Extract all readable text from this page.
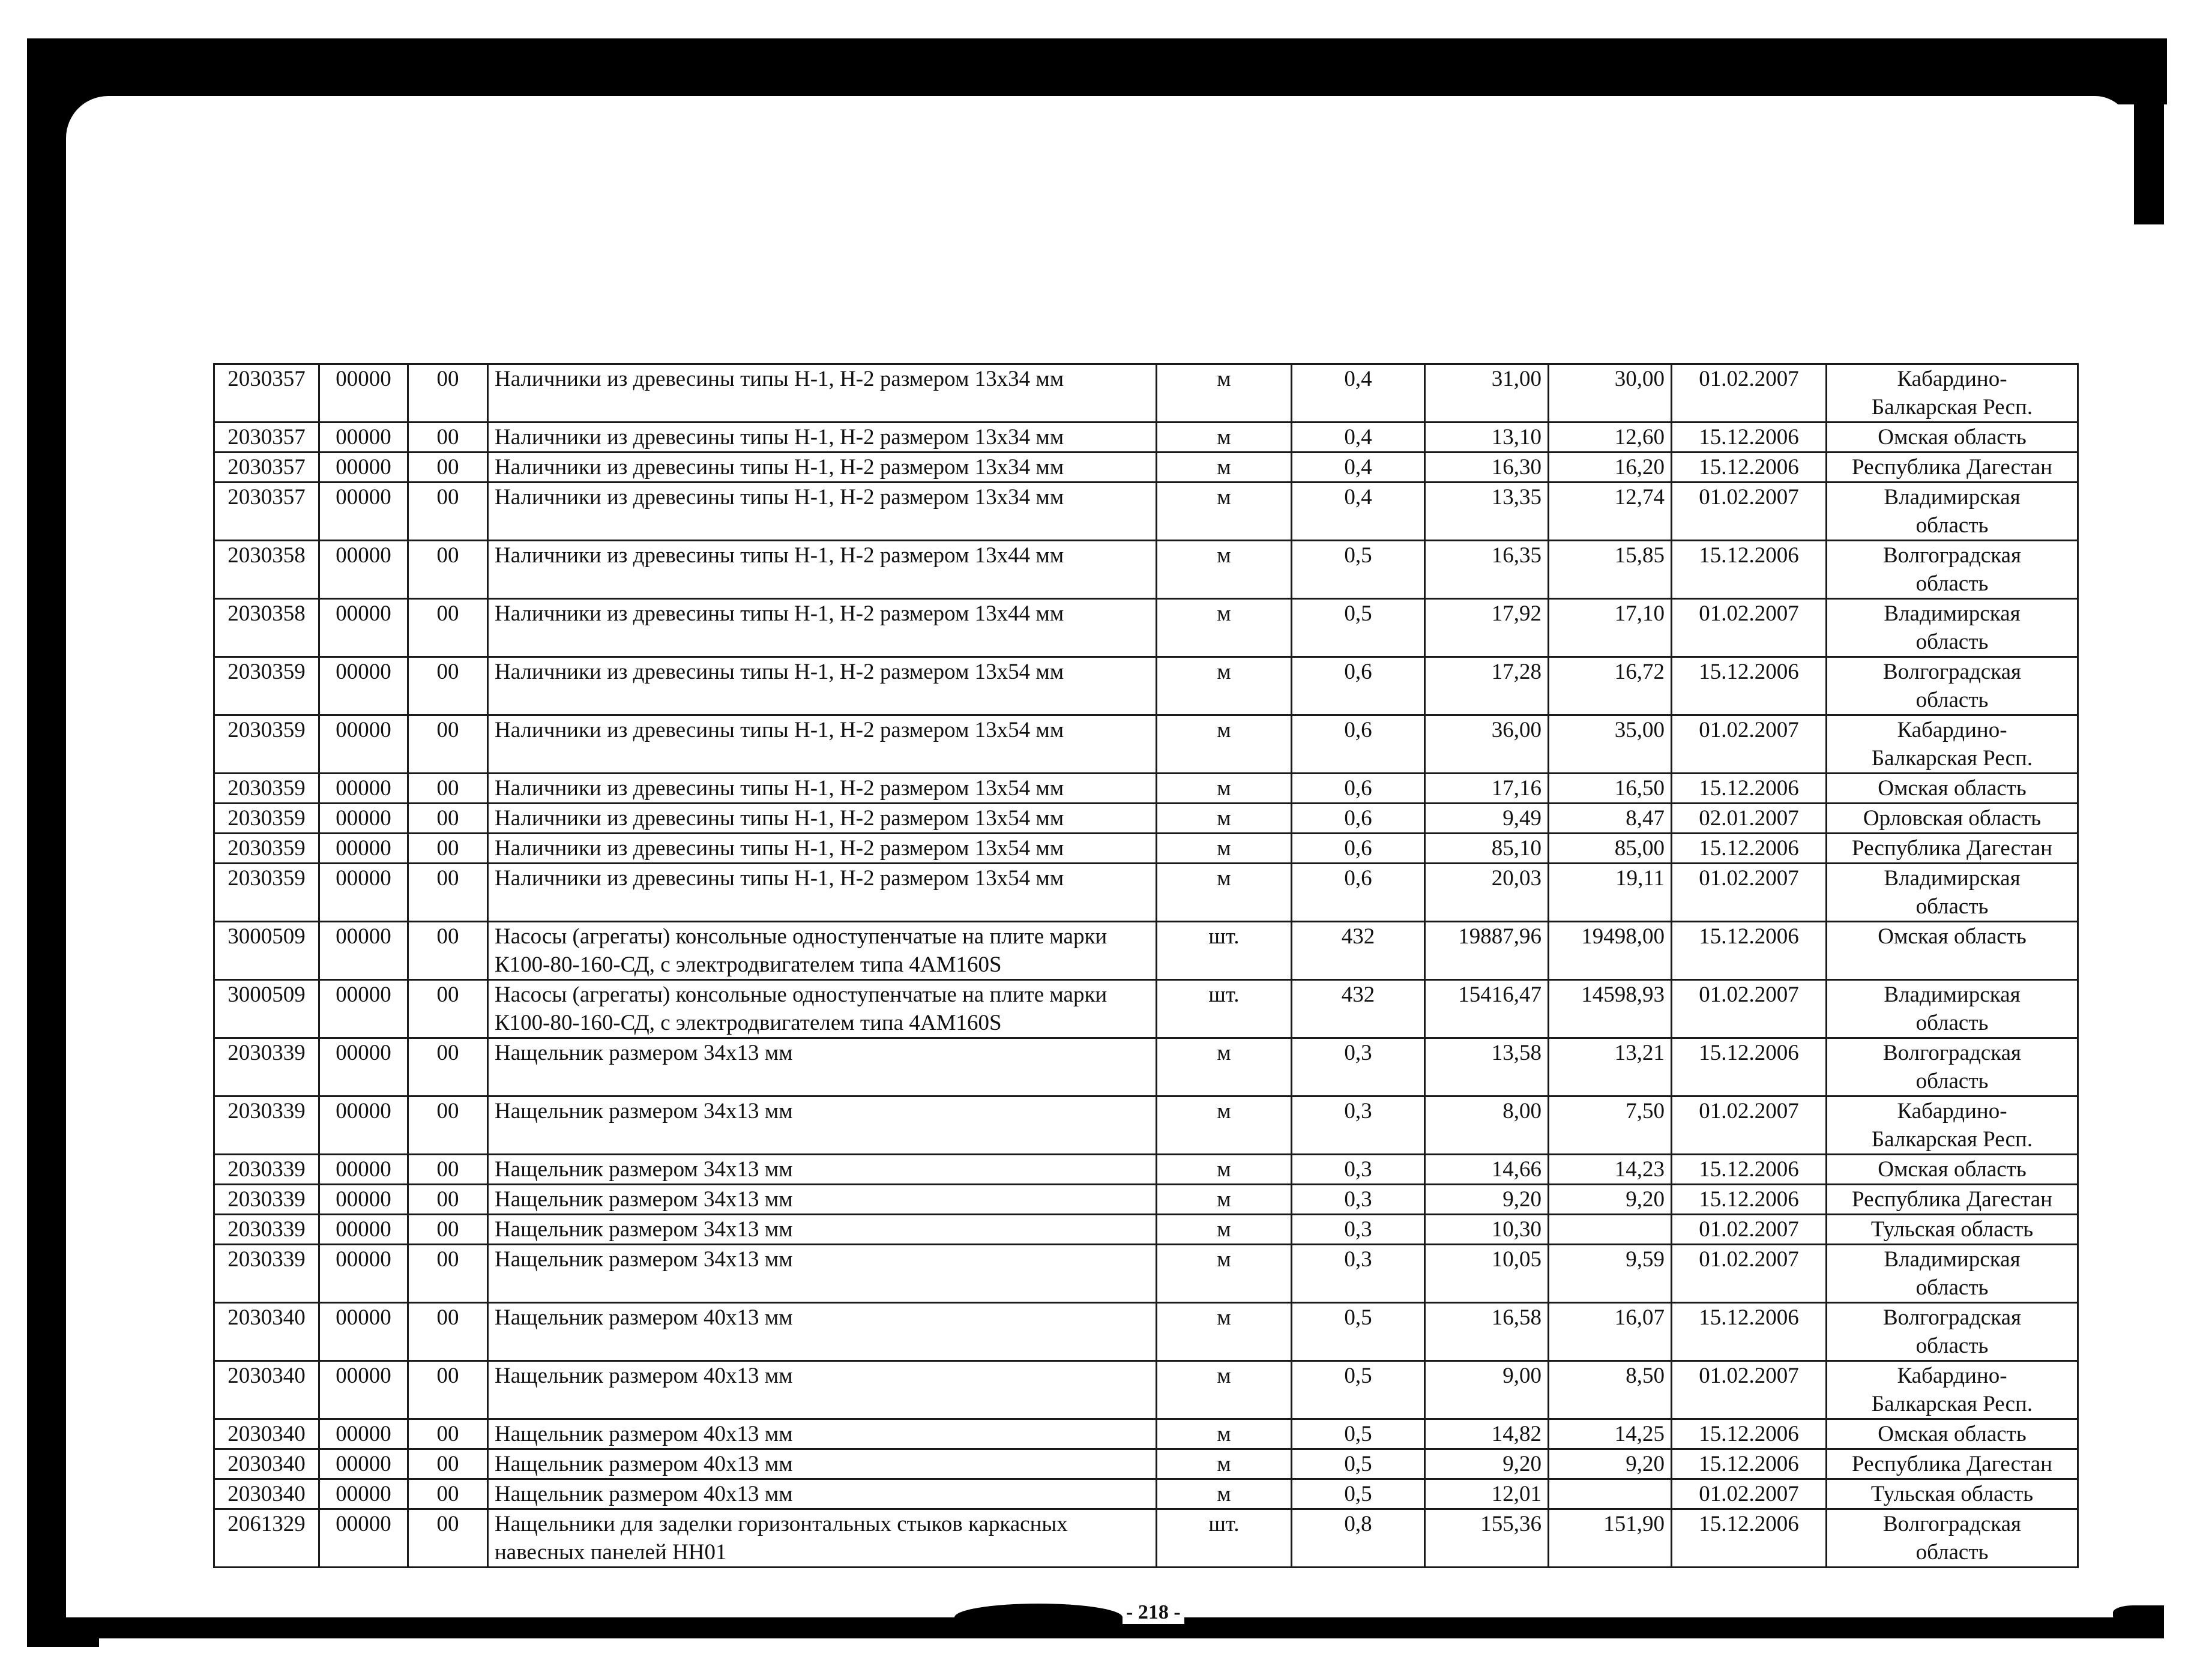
2030357	00000	00	Наличники из древесины типы Н-1, Н-2 размером 13х34 мм	м	0,4	31,00	30,00	01.02.2007	Кабардино-
Балкарская Респ.
2030357	00000	00	Наличники из древесины типы Н-1, Н-2 размером 13х34 мм	м	0,4	13,10	12,60	15.12.2006	Омская область
2030357	00000	00	Наличники из древесины типы Н-1, Н-2 размером 13х34 мм	м	0,4	16,30	16,20	15.12.2006	Республика Дагестан
2030357	00000	00	Наличники из древесины типы Н-1, Н-2 размером 13х34 мм	м	0,4	13,35	12,74	01.02.2007	Владимирская
область
2030358	00000	00	Наличники из древесины типы Н-1, Н-2 размером 13х44 мм	м	0,5	16,35	15,85	15.12.2006	Волгоградская
область
2030358	00000	00	Наличники из древесины типы Н-1, Н-2 размером 13х44 мм	м	0,5	17,92	17,10	01.02.2007	Владимирская
область
2030359	00000	00	Наличники из древесины типы Н-1, Н-2 размером 13х54 мм	м	0,6	17,28	16,72	15.12.2006	Волгоградская
область
2030359	00000	00	Наличники из древесины типы Н-1, Н-2 размером 13х54 мм	м	0,6	36,00	35,00	01.02.2007	Кабардино-
Балкарская Респ.
2030359	00000	00	Наличники из древесины типы Н-1, Н-2 размером 13х54 мм	м	0,6	17,16	16,50	15.12.2006	Омская область
2030359	00000	00	Наличники из древесины типы Н-1, Н-2 размером 13х54 мм	м	0,6	9,49	8,47	02.01.2007	Орловская область
2030359	00000	00	Наличники из древесины типы Н-1, Н-2 размером 13х54 мм	м	0,6	85,10	85,00	15.12.2006	Республика Дагестан
2030359	00000	00	Наличники из древесины типы Н-1, Н-2 размером 13х54 мм	м	0,6	20,03	19,11	01.02.2007	Владимирская
область
3000509	00000	00	Насосы (агрегаты) консольные одноступенчатые на плите марки К100-80-160-СД, с электродвигателем типа 4АМ160S	шт.	432	19887,96	19498,00	15.12.2006	Омская область
3000509	00000	00	Насосы (агрегаты) консольные одноступенчатые на плите марки К100-80-160-СД, с электродвигателем типа 4АМ160S	шт.	432	15416,47	14598,93	01.02.2007	Владимирская
область
2030339	00000	00	Нащельник размером 34х13 мм	м	0,3	13,58	13,21	15.12.2006	Волгоградская
область
2030339	00000	00	Нащельник размером 34х13 мм	м	0,3	8,00	7,50	01.02.2007	Кабардино-
Балкарская Респ.
2030339	00000	00	Нащельник размером 34х13 мм	м	0,3	14,66	14,23	15.12.2006	Омская область
2030339	00000	00	Нащельник размером 34х13 мм	м	0,3	9,20	9,20	15.12.2006	Республика Дагестан
2030339	00000	00	Нащельник размером 34х13 мм	м	0,3	10,30		01.02.2007	Тульская область
2030339	00000	00	Нащельник размером 34х13 мм	м	0,3	10,05	9,59	01.02.2007	Владимирская
область
2030340	00000	00	Нащельник размером 40х13 мм	м	0,5	16,58	16,07	15.12.2006	Волгоградская
область
2030340	00000	00	Нащельник размером 40х13 мм	м	0,5	9,00	8,50	01.02.2007	Кабардино-
Балкарская Респ.
2030340	00000	00	Нащельник размером 40х13 мм	м	0,5	14,82	14,25	15.12.2006	Омская область
2030340	00000	00	Нащельник размером 40х13 мм	м	0,5	9,20	9,20	15.12.2006	Республика Дагестан
2030340	00000	00	Нащельник размером 40х13 мм	м	0,5	12,01		01.02.2007	Тульская область
2061329	00000	00	Нащельники для заделки горизонтальных стыков каркасных навесных панелей НН01	шт.	0,8	155,36	151,90	15.12.2006	Волгоградская
область
- 218 -
